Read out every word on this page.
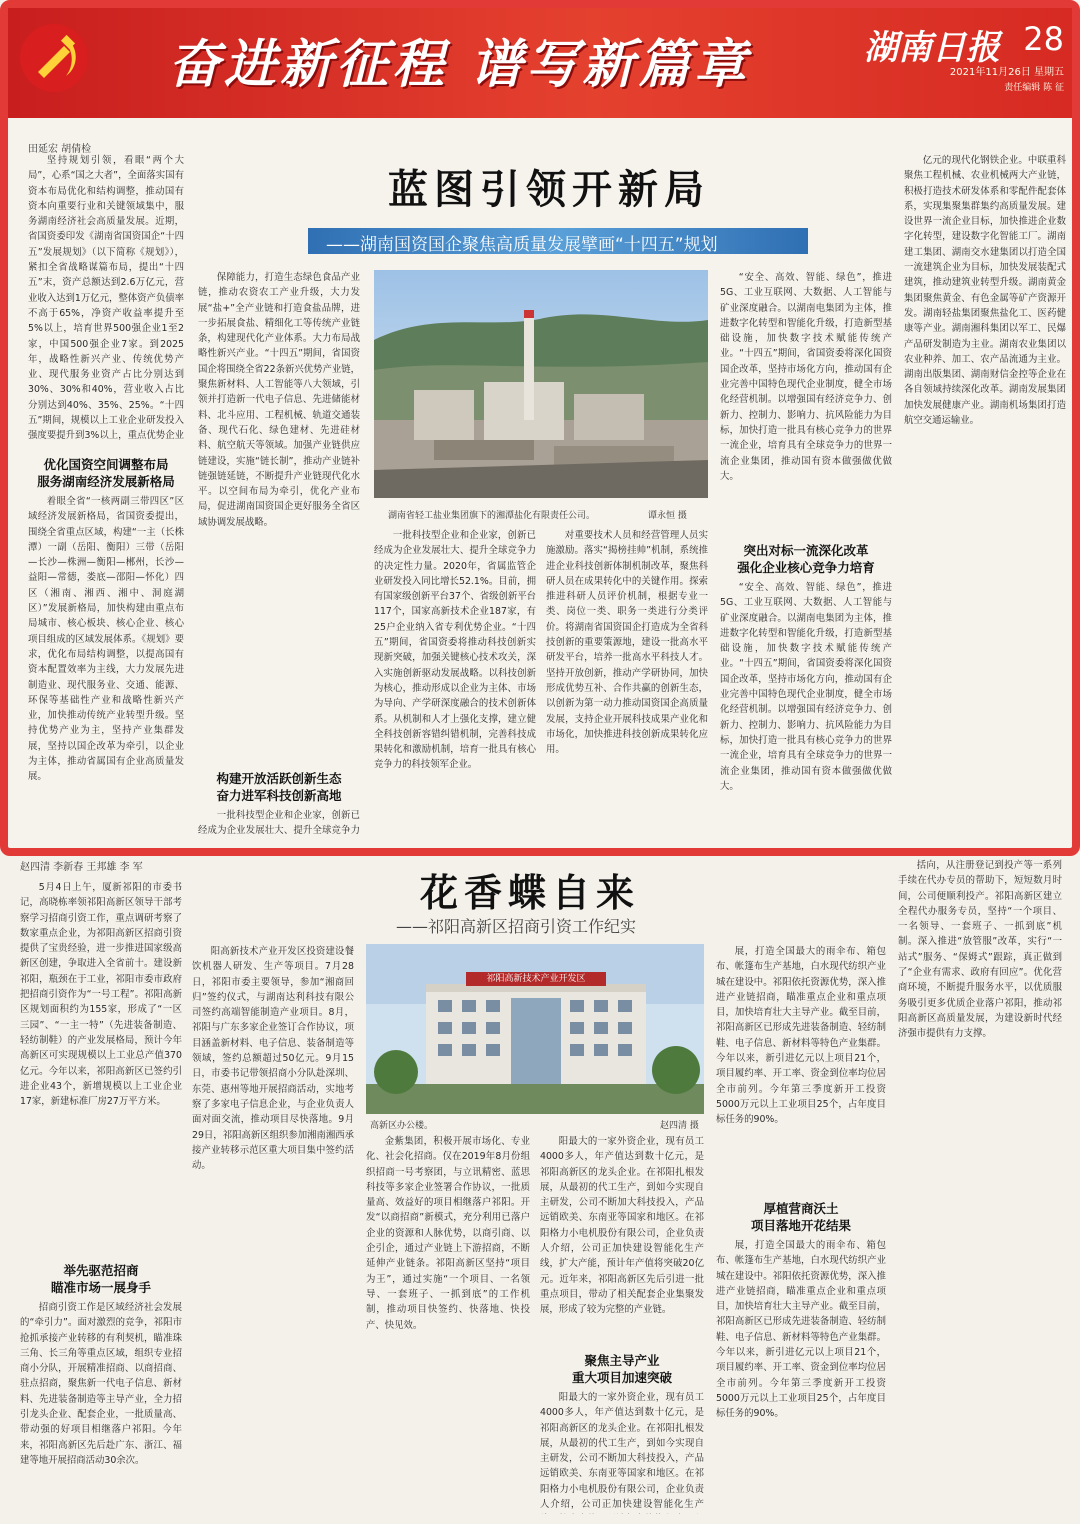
奋进新征程 谱写新篇章	湖南日报 28
2021年11月26日 星期五
责任编辑 陈 征
田延宏 胡倩检
蓝图引领开新局
——湖南国资国企聚焦高质量发展擘画“十四五”规划

坚持规划引领，看眼“两个大局”，心系“国之大者”，全面落实国有资本布局优化和结构调整，推动国有资本向重要行业和关键领域集中，服务湖南经济社会高质量发展。近期，省国资委印发《湖南省国资国企“十四五”发展规划》（以下简称《规划》），紧扣全省战略谋篇布局，提出“十四五”末，资产总额达到2.6万亿元，营业收入达到1万亿元，整体资产负债率不高于65%，净资产收益率提升至5%以上，培育世界500强企业1至2家，中国500强企业7家。到2025年，战略性新兴产业、传统优势产业、现代服务业资产占比分别达到30%、30%和40%，营业收入占比分别达到40%、35%、25%。“十四五”期间，规模以上工业企业研发投入强度要提升到3%以上，重点优势企业

优化国资空间调整布局
服务湖南经济发展新格局

着眼全省“一核两副三带四区”区域经济发展新格局，省国资委提出，围绕全省重点区域，构建“一主（长株潭）一副（岳阳、衡阳）三带（岳阳—长沙—株洲—衡阳—郴州，长沙—益阳—常德，娄底—邵阳—怀化）四区（湘南、湘西、湘中、洞庭湖区）”发展新格局，加快构建由重点布局城市、核心板块、核心企业、核心项目组成的区域发展体系。《规划》要求，优化布局结构调整，以提高国有资本配置效率为主线，大力发展先进制造业、现代服务业、交通、能源、环保等基础性产业和战略性新兴产业，加快推动传统产业转型升级。坚持优势产业为主，坚持产业集群发展，坚持以国企改革为牵引，以企业为主体，推动省属国有企业高质量发展。

保障能力，打造生态绿色食品产业链，推动农资农工产业升级，大力发展“盐+”全产业链和打造食盐品牌，进一步拓展食盐、精细化工等传统产业链条，构建现代化产业体系。大力布局战略性新兴产业。“十四五”期间，省国资国企将围绕全省22条新兴优势产业链，聚焦新材料、人工智能等八大领域，引领并打造新一代电子信息、先进储能材料、北斗应用、工程机械、轨道交通装备、现代石化、绿色建材、先进硅材料、航空航天等领域。加强产业链供应链建设，实施“链长制”，推动产业链补链强链延链，不断提升产业链现代化水平。以空间布局为牵引，优化产业布局，促进湖南国资国企更好服务全省区域协调发展战略。

构建开放活跃创新生态
奋力进军科技创新高地

一批科技型企业和企业家，创新已经成为企业发展壮大、提升全球竞争力

湖南省轻工盐业集团旗下的湘潭盐化有限责任公司。	谭永恒 摄

一批科技型企业和企业家，创新已经成为企业发展壮大、提升全球竞争力的决定性力量。2020年，省属监管企业研发投入同比增长52.1%。目前，拥有国家级创新平台37个、省级创新平台117个，国家高新技术企业187家，有25户企业纳入省专利优势企业。“十四五”期间，省国资委将推动科技创新实现新突破，加强关键核心技术攻关，深入实施创新驱动发展战略。以科技创新为核心，推动形成以企业为主体、市场为导向、产学研深度融合的技术创新体系。从机制和人才上强化支撑，建立健全科技创新容错纠错机制，完善科技成果转化和激励机制，培育一批具有核心竞争力的科技领军企业。

对重要技术人员和经营管理人员实施激励。落实“揭榜挂帅”机制，系统推进企业科技创新体制机制改革，聚焦科研人员在成果转化中的关键作用。探索推进科研人员评价机制，根据专业一类、岗位一类、职务一类进行分类评价。将湖南省国资国企打造成为全省科技创新的重要策源地，建设一批高水平研发平台，培养一批高水平科技人才。坚持开放创新，推动产学研协同，加快形成优势互补、合作共赢的创新生态，以创新为第一动力推动国资国企高质量发展，支持企业开展科技成果产业化和市场化，加快推进科技创新成果转化应用。

“安全、高效、智能、绿色”，推进5G、工业互联网、大数据、人工智能与矿业深度融合。以湖南电集团为主体，推进数字化转型和智能化升级，打造新型基础设施，加快数字技术赋能传统产业。“十四五”期间，省国资委将深化国资国企改革，坚持市场化方向，推动国有企业完善中国特色现代企业制度，健全市场化经营机制。以增强国有经济竞争力、创新力、控制力、影响力、抗风险能力为目标，加快打造一批具有核心竞争力的世界一流企业，培育具有全球竞争力的世界一流企业集团，推动国有资本做强做优做大。

突出对标一流深化改革
强化企业核心竞争力培育

“安全、高效、智能、绿色”，推进5G、工业互联网、大数据、人工智能与矿业深度融合。以湖南电集团为主体，推进数字化转型和智能化升级，打造新型基础设施，加快数字技术赋能传统产业。“十四五”期间，省国资委将深化国资国企改革，坚持市场化方向，推动国有企业完善中国特色现代企业制度，健全市场化经营机制。以增强国有经济竞争力、创新力、控制力、影响力、抗风险能力为目标，加快打造一批具有核心竞争力的世界一流企业，培育具有全球竞争力的世界一流企业集团，推动国有资本做强做优做大。

亿元的现代化钢铁企业。中联重科聚焦工程机械、农业机械两大产业链，积极打造技术研发体系和零配件配套体系，实现集聚集群集约高质量发展。建设世界一流企业目标，加快推进企业数字化转型，建设数字化智能工厂。湖南建工集团、湖南交水建集团以打造全国一流建筑企业为目标，加快发展装配式建筑，推动建筑业转型升级。湖南黄金集团聚焦黄金、有色金属等矿产资源开发。湖南轻盐集团聚焦盐化工、医药健康等产业。湖南湘科集团以军工、民爆产品研发制造为主业。湖南农业集团以农业种养、加工、农产品流通为主业。湖南出版集团、湖南财信金控等企业在各自领域持续深化改革。湖南发展集团加快发展健康产业。湖南机场集团打造航空交通运输业。

赵四清 李新春 王邦雄 李 军
花香蝶自来
——祁阳高新区招商引资工作纪实

5月4日上午，厦新祁阳的市委书记，高晓栋率领祁阳高新区领导干部考察学习招商引资工作，重点调研考察了数家重点企业，为祁阳高新区招商引资提供了宝贵经验，进一步推进国家级高新区创建，争取进入全省前十。建设新祁阳，瓶颈在于工业，祁阳市委市政府把招商引资作为“一号工程”。祁阳高新区规划面积约为155家，形成了“一区三园”、“一主一特”（先进装备制造、轻纺制鞋）的产业发展格局，预计今年高新区可实现规模以上工业总产值370亿元。今年以来，祁阳高新区已签约引进企业43个，新增规模以上工业企业17家，新建标准厂房27万平方米。

举先驱范招商
瞄准市场一展身手

招商引资工作是区域经济社会发展的“牵引力”。面对激烈的竞争，祁阳市抢抓承接产业转移的有利契机，瞄准珠三角、长三角等重点区域，组织专业招商小分队，开展精准招商、以商招商、驻点招商，聚焦新一代电子信息、新材料、先进装备制造等主导产业，全力招引龙头企业、配套企业，一批质量高、带动强的好项目相继落户祁阳。今年来，祁阳高新区先后赴广东、浙江、福建等地开展招商活动30余次。

阳高新技术产业开发区投资建设餐饮机器人研发、生产等项目。7月28日，祁阳市委主要领导，参加“湘商回归”签约仪式，与湖南达利科技有限公司签约高端智能制造产业项目。8月，祁阳与广东多家企业签订合作协议，项目涵盖新材料、电子信息、装备制造等领域，签约总额超过50亿元。9月15日，市委书记带领招商小分队赴深圳、东莞、惠州等地开展招商活动，实地考察了多家电子信息企业，与企业负责人面对面交流，推动项目尽快落地。9月29日，祁阳高新区组织参加湘南湘西承接产业转移示范区重大项目集中签约活动。

祁阳高新技术产业开发区
高新区办公楼。	赵四清 摄

金紫集团，积极开展市场化、专业化、社会化招商。仅在2019年8月份组织招商一号考察团，与立讯精密、蓝思科技等多家企业签署合作协议，一批质量高、效益好的项目相继落户祁阳。开发“以商招商”新模式，充分利用已落户企业的资源和人脉优势，以商引商、以企引企，通过产业链上下游招商，不断延伸产业链条。祁阳高新区坚持“项目为王”，通过实施“一个项目、一名领导、一套班子、一抓到底”的工作机制，推动项目快签约、快落地、快投产、快见效。

阳最大的一家外资企业，现有员工4000多人，年产值达到数十亿元，是祁阳高新区的龙头企业。在祁阳扎根发展，从最初的代工生产，到如今实现自主研发，公司不断加大科技投入，产品远销欧美、东南亚等国家和地区。在祁阳格力小电机股份有限公司，企业负责人介绍，公司正加快建设智能化生产线，扩大产能，预计年产值将突破20亿元。近年来，祁阳高新区先后引进一批重点项目，带动了相关配套企业集聚发展，形成了较为完整的产业链。

聚焦主导产业
重大项目加速突破

阳最大的一家外资企业，现有员工4000多人，年产值达到数十亿元，是祁阳高新区的龙头企业。在祁阳扎根发展，从最初的代工生产，到如今实现自主研发，公司不断加大科技投入，产品远销欧美、东南亚等国家和地区。在祁阳格力小电机股份有限公司，企业负责人介绍，公司正加快建设智能化生产

展，打造全国最大的雨伞布、箱包布、帐篷布生产基地，白水现代纺织产业城在建设中。祁阳依托资源优势，深入推进产业链招商，瞄准重点企业和重点项目，加快培育壮大主导产业。截至目前，祁阳高新区已形成先进装备制造、轻纺制鞋、电子信息、新材料等特色产业集群。今年以来，新引进亿元以上项目21个，项目履约率、开工率、资金到位率均位居全市前列。今年第三季度新开工投资5000万元以上工业项目25个，占年度目标任务的90%。

厚植营商沃土
项目落地开花结果

展，打造全国最大的雨伞布、箱包布、帐篷布生产基地，白水现代纺织产业城在建设中。祁阳依托资源优势，深入推进产业链招商，瞄准重点企业和重点项目，加快培育壮大主导产业。截至目前，祁阳高新区已形成先进装备制造、轻纺制鞋、电子信息、新材料等特色产业集群。今年以来，新引进亿元以上项目21个，项目履约率、开工率、资金到位率均位居全市前列。今年第三季度新开工投资5000万元以上工业项目25个，占年度目标任务的90%。

括向，从注册登记到投产等一系列手续在代办专员的帮助下，短短数月时间，公司便顺利投产。祁阳高新区建立全程代办服务专员，坚持“一个项目、一名领导、一套班子、一抓到底”机制。深入推进“放管服”改革，实行“一站式”服务、“保姆式”跟踪，真正做到了“企业有需求、政府有回应”。优化营商环境，不断提升服务水平，以优质服务吸引更多优质企业落户祁阳，推动祁阳高新区高质量发展，为建设新时代经济强市提供有力支撑。
